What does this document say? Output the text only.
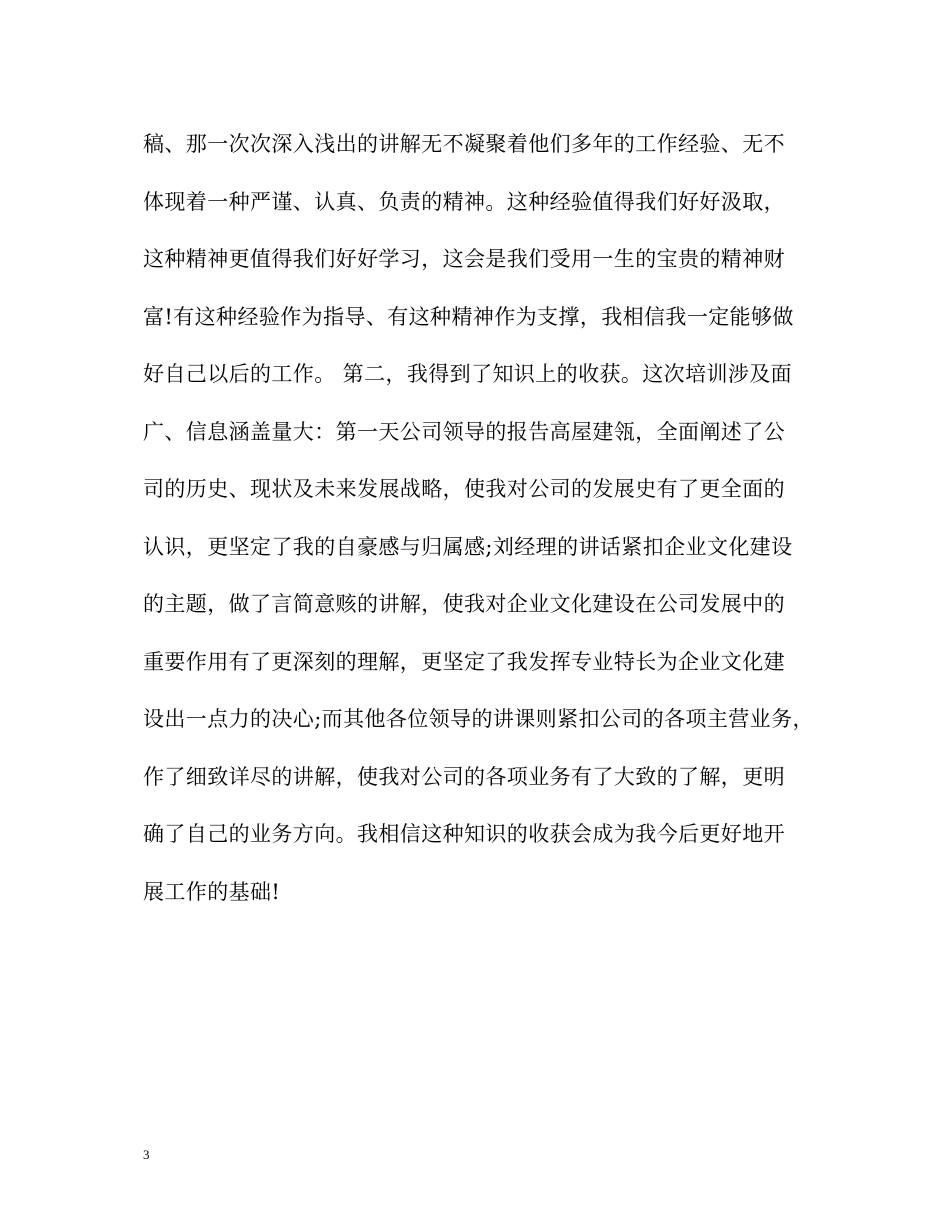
稿、那一次次深入浅出的讲解无不凝聚着他们多年的工作经验、无不
体现着一种严谨、认真、负责的精神。这种经验值得我们好好汲取，
这种精神更值得我们好好学习，这会是我们受用一生的宝贵的精神财
富!有这种经验作为指导、有这种精神作为支撑，我相信我一定能够做
好自己以后的工作。 第二，我得到了知识上的收获。这次培训涉及面
广、信息涵盖量大：第一天公司领导的报告高屋建瓴，全面阐述了公
司的历史、现状及未来发展战略，使我对公司的发展史有了更全面的
认识，更坚定了我的自豪感与归属感;刘经理的讲话紧扣企业文化建设
的主题，做了言简意赅的讲解，使我对企业文化建设在公司发展中的
重要作用有了更深刻的理解，更坚定了我发挥专业特长为企业文化建
设出一点力的决心;而其他各位领导的讲课则紧扣公司的各项主营业务，
作了细致详尽的讲解，使我对公司的各项业务有了大致的了解，更明
确了自己的业务方向。我相信这种知识的收获会成为我今后更好地开
展工作的基础!
3
